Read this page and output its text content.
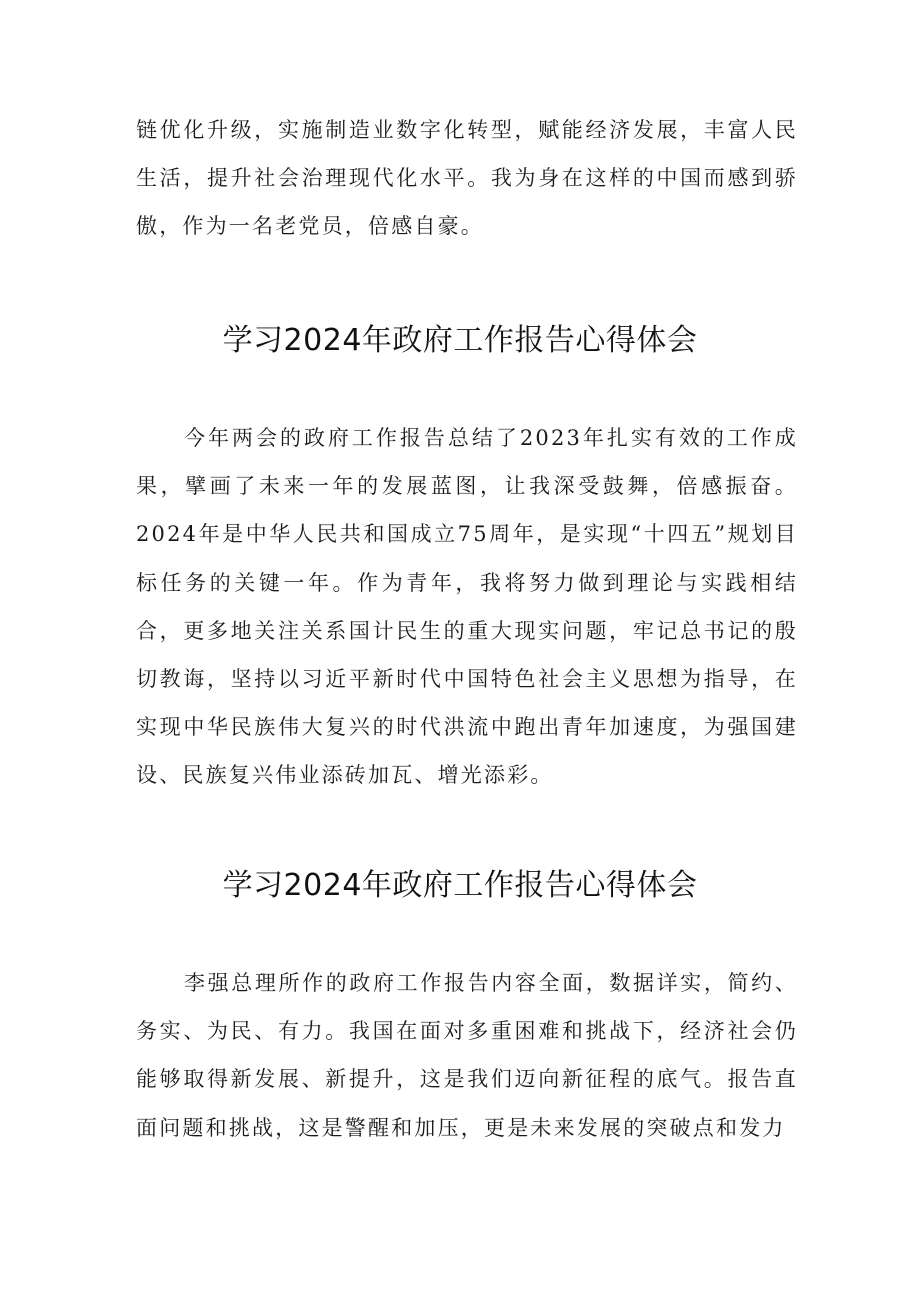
链优化升级，实施制造业数字化转型，赋能经济发展，丰富人民生活，提升社会治理现代化水平。我为身在这样的中国而感到骄傲，作为一名老党员，倍感自豪。

学习2024年政府工作报告心得体会

今年两会的政府工作报告总结了2023年扎实有效的工作成果，擘画了未来一年的发展蓝图，让我深受鼓舞，倍感振奋。2024年是中华人民共和国成立75周年，是实现“十四五”规划目标任务的关键一年。作为青年，我将努力做到理论与实践相结合，更多地关注关系国计民生的重大现实问题，牢记总书记的殷切教诲，坚持以习近平新时代中国特色社会主义思想为指导，在实现中华民族伟大复兴的时代洪流中跑出青年加速度，为强国建设、民族复兴伟业添砖加瓦、增光添彩。

学习2024年政府工作报告心得体会

李强总理所作的政府工作报告内容全面，数据详实，简约、务实、为民、有力。我国在面对多重困难和挑战下，经济社会仍能够取得新发展、新提升，这是我们迈向新征程的底气。报告直面问题和挑战，这是警醒和加压，更是未来发展的突破点和发力
